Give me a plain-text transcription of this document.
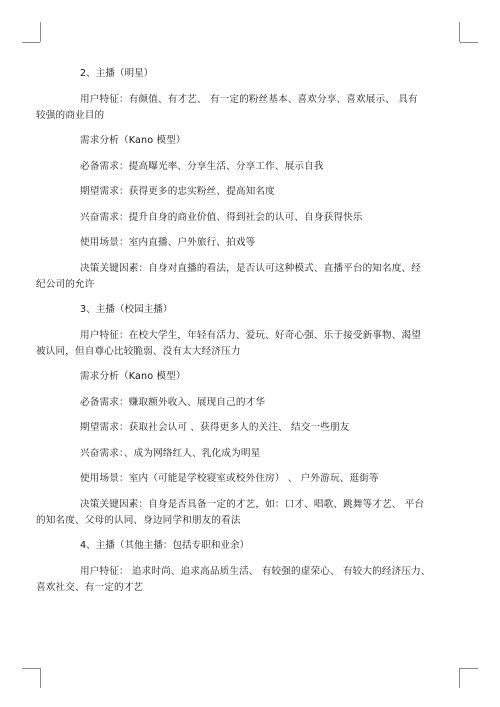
2、主播（明星）

用户特征：有颜值、有才艺、 有一定的粉丝基本、喜欢分享、喜欢展示、 具有

较强的商业目的

需求分析（Kano 模型）

必备需求：提高曝光率、分享生活、分享工作、展示自我

期望需求：获得更多的忠实粉丝、提高知名度

兴奋需求：提升自身的商业价值、得到社会的认可、自身获得快乐

使用场景：室内直播、户外旅行、拍戏等

决策关键因素：自身对直播的看法，是否认可这种模式、直播平台的知名度、经

纪公司的允许

3、主播（校园主播）

用户特征：在校大学生，年轻有活力、爱玩、好奇心强、乐于接受新事物、渴望

被认同，但自尊心比较脆弱、没有太大经济压力

需求分析（Kano 模型）

必备需求：赚取额外收入、展现自己的才华

期望需求：获取社会认可 、获得更多人的关注、 结交一些朋友

兴奋需求：、成为网络红人、乳化成为明星

使用场景：室内（可能是学校寝室或校外住房） 、 户外游玩、逛街等

决策关键因素：自身是否具备一定的才艺，如：口才、唱歌、跳舞等才艺、 平台

的知名度、父母的认同、身边同学和朋友的看法

4、主播（其他主播：包括专职和业余）

用户特征： 追求时尚、追求高品质生活、 有较强的虚荣心、 有较大的经济压力、

喜欢社交、有一定的才艺
